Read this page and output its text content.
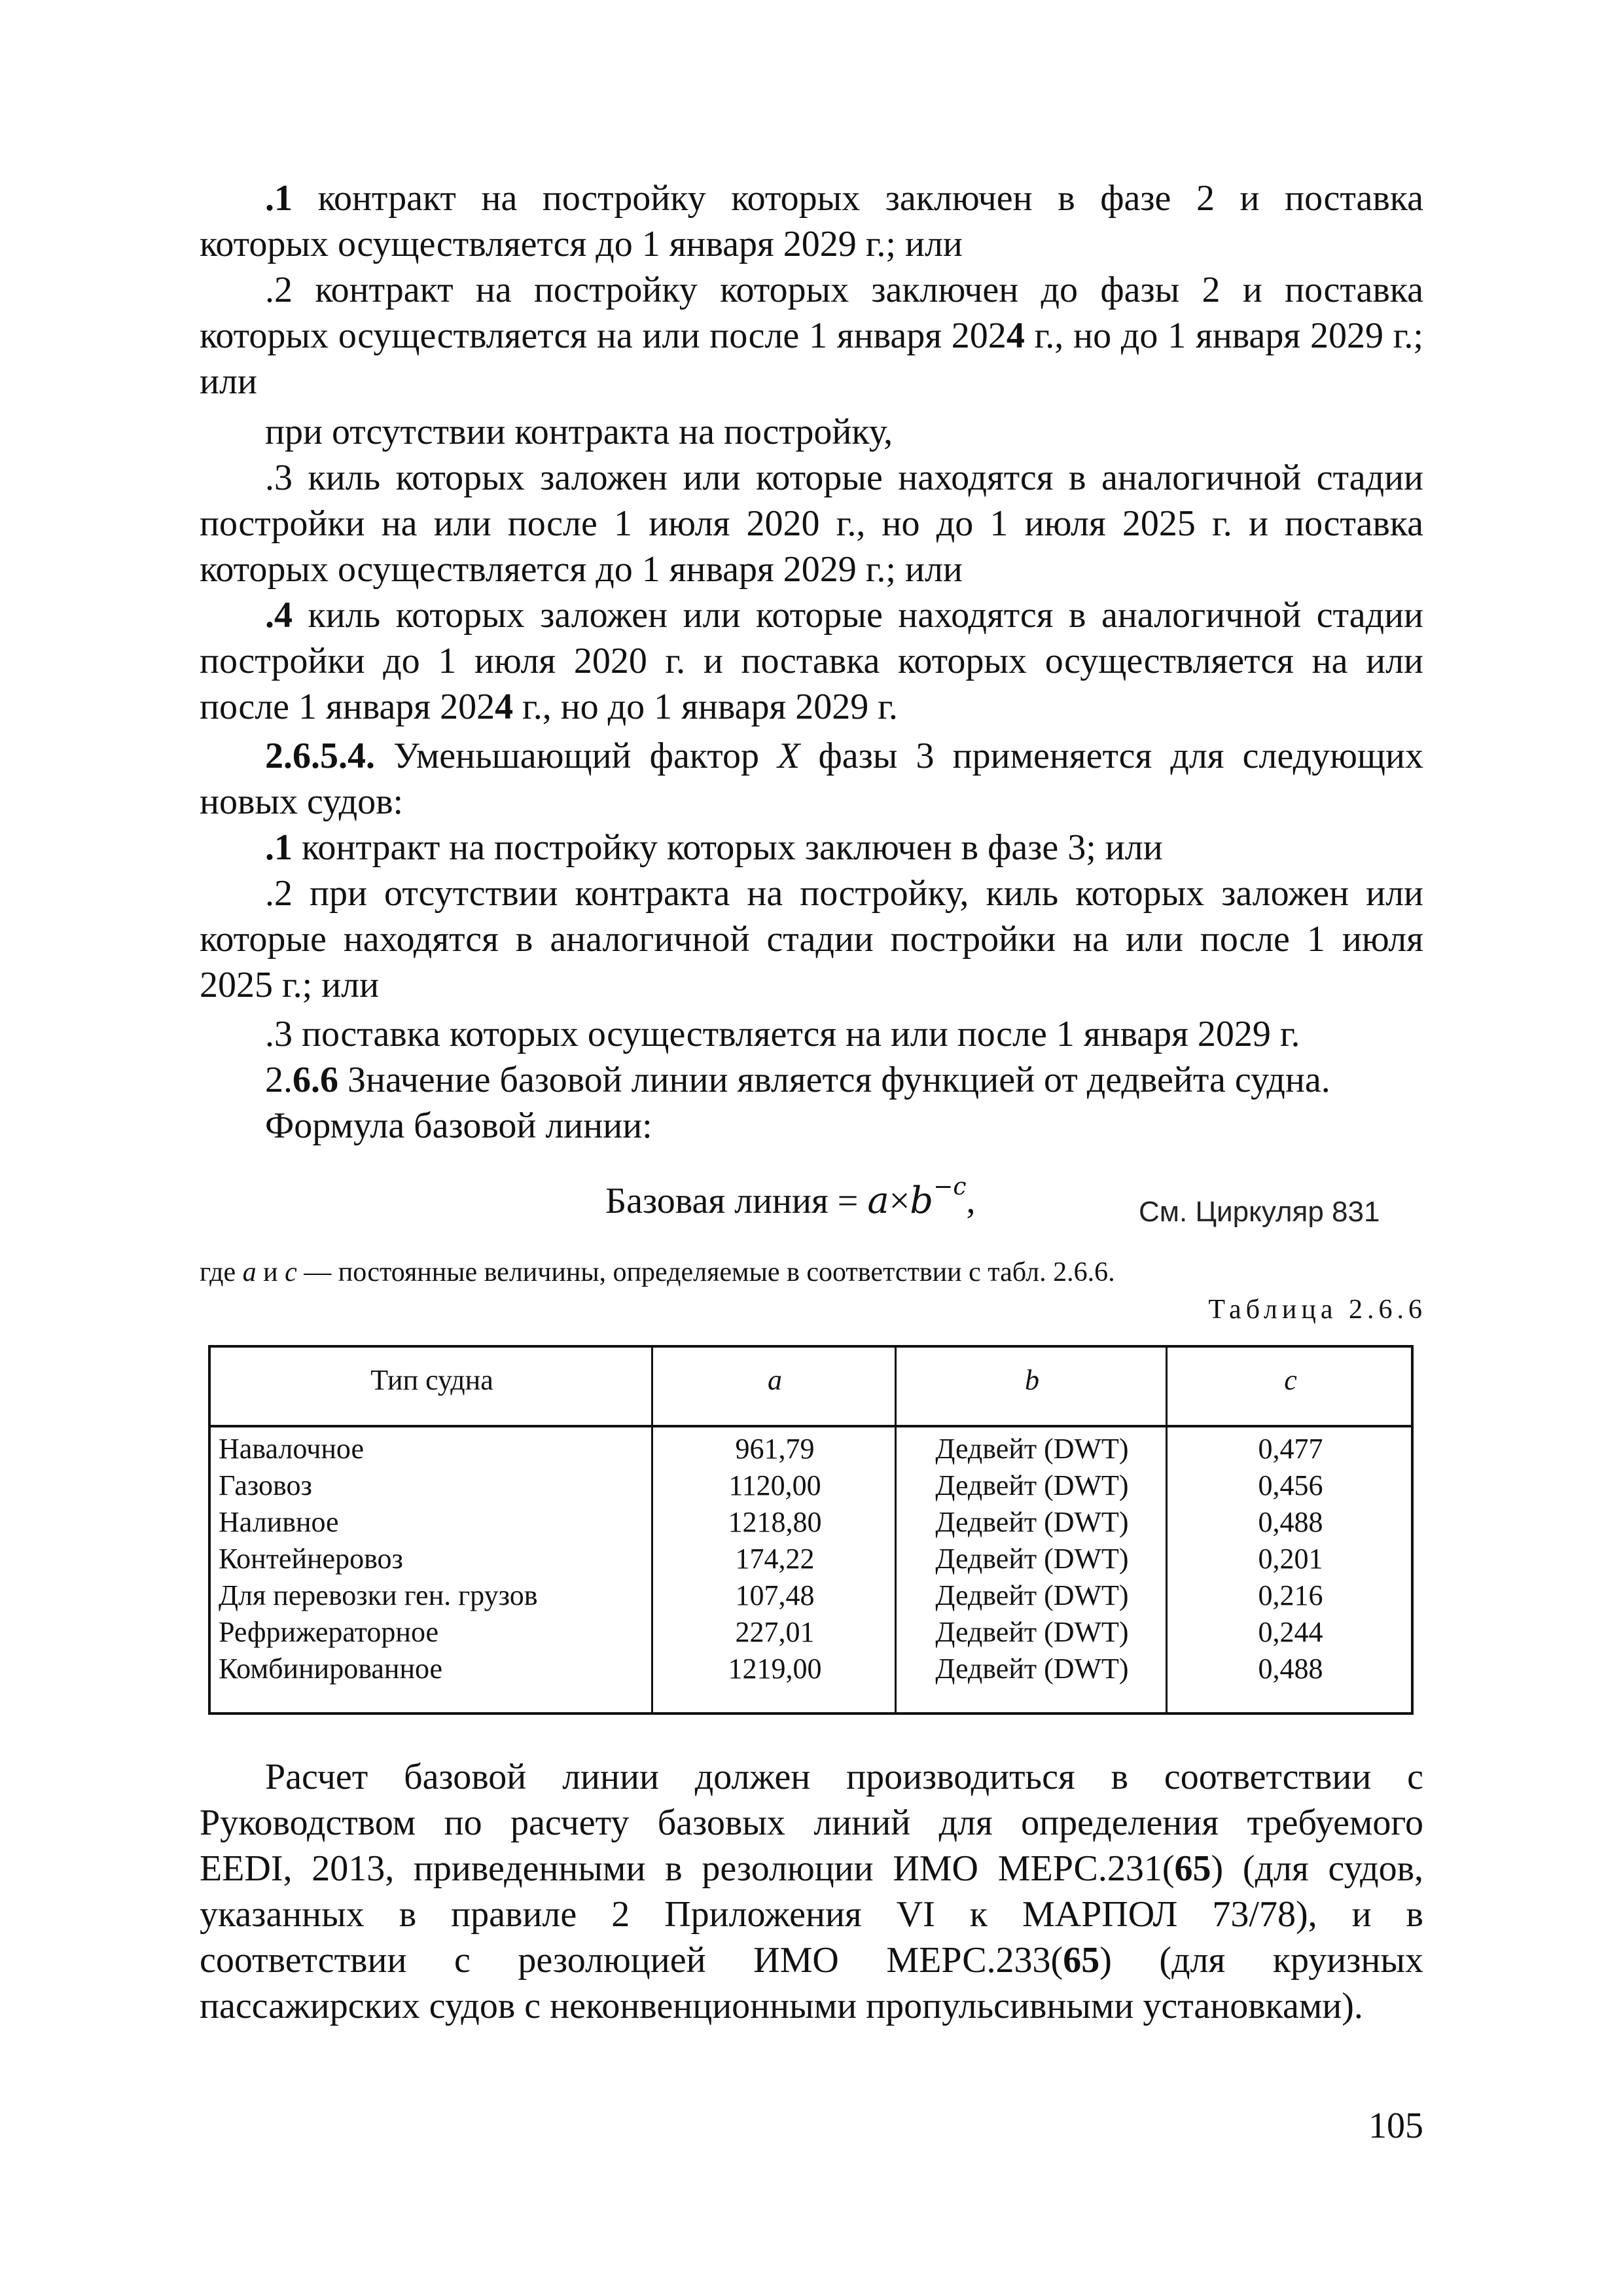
.1 контракт на постройку которых заключен в фазе 2 и поставка
которых осуществляется до 1 января 2029 г.; или
.2 контракт на постройку которых заключен до фазы 2 и поставка
которых осуществляется на или после 1 января 2024 г., но до 1 января 2029 г.;
или
при отсутствии контракта на постройку,
.3 киль которых заложен или которые находятся в аналогичной стадии
постройки на или после 1 июля 2020 г., но до 1 июля 2025 г. и поставка
которых осуществляется до 1 января 2029 г.; или
.4 киль которых заложен или которые находятся в аналогичной стадии
постройки до 1 июля 2020 г. и поставка которых осуществляется на или
после 1 января 2024 г., но до 1 января 2029 г.
2.6.5.4. Уменьшающий фактор X фазы 3 применяется для следующих
новых судов:
.1 контракт на постройку которых заключен в фазе 3; или
.2 при отсутствии контракта на постройку, киль которых заложен или
которые находятся в аналогичной стадии постройки на или после 1 июля
2025 г.; или
.3 поставка которых осуществляется на или после 1 января 2029 г.
2.6.6 Значение базовой линии является функцией от дедвейта судна.
Формула базовой линии:
Базовая линия = $a\times b^{-c}$,	См. Циркуляр 831
где a и c — постоянные величины, определяемые в соответствии с табл. 2.6.6.
Таблица 2.6.6
Тип судна	a	b	c
Навалочное	961,79	Дедвейт (DWT)	0,477
Газовоз	1120,00	Дедвейт (DWT)	0,456
Наливное	1218,80	Дедвейт (DWT)	0,488
Контейнеровоз	174,22	Дедвейт (DWT)	0,201
Для перевозки ген. грузов	107,48	Дедвейт (DWT)	0,216
Рефрижераторное	227,01	Дедвейт (DWT)	0,244
Комбинированное	1219,00	Дедвейт (DWT)	0,488
Расчет базовой линии должен производиться в соответствии с
Руководством по расчету базовых линий для определения требуемого
EEDI, 2013, приведенными в резолюции ИМО МЕРС.231(65) (для судов,
указанных в правиле 2 Приложения VI к МАРПОЛ 73/78), и в
соответствии с резолюцией ИМО МЕРС.233(65) (для круизных
пассажирских судов с неконвенционными пропульсивными установками).
105
